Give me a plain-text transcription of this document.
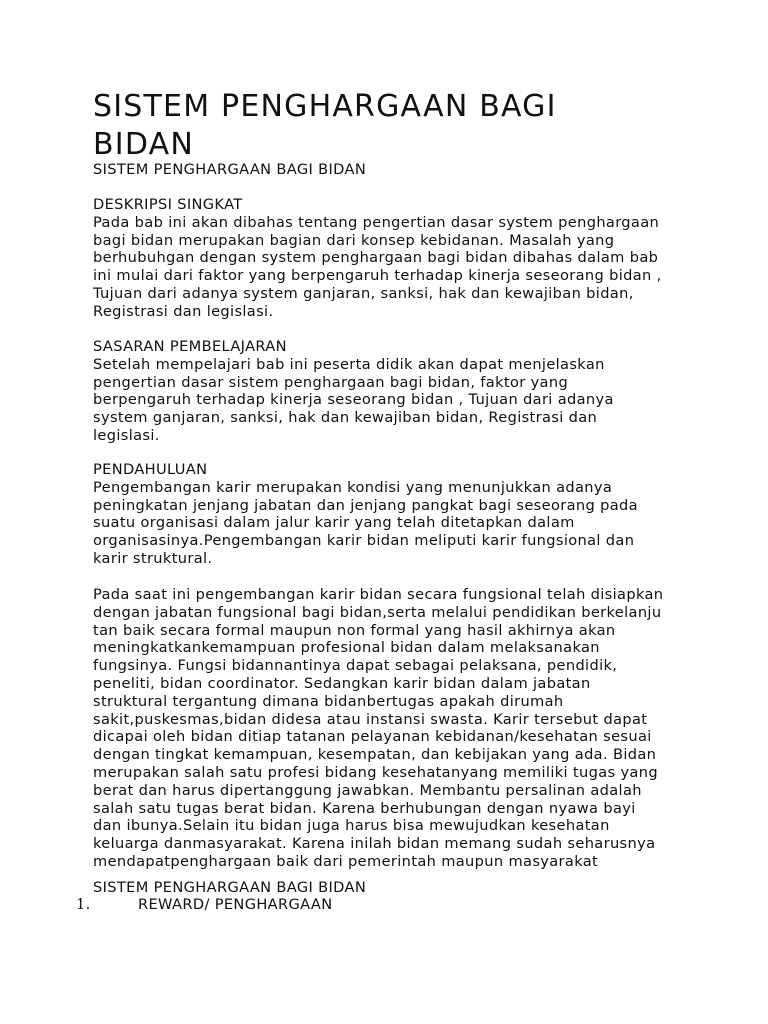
SISTEM PENGHARGAAN BAGI
BIDAN
SISTEM PENGHARGAAN BAGI BIDAN
DESKRIPSI SINGKAT
Pada bab ini akan dibahas tentang pengertian dasar system penghargaan
bagi bidan merupakan bagian dari konsep kebidanan. Masalah yang
berhubuhgan dengan system penghargaan bagi bidan dibahas dalam bab
ini mulai dari faktor yang berpengaruh terhadap kinerja seseorang bidan ,
Tujuan dari adanya system ganjaran, sanksi, hak dan kewajiban bidan,
Registrasi dan legislasi.
SASARAN PEMBELAJARAN
Setelah mempelajari bab ini peserta didik akan dapat menjelaskan
pengertian dasar sistem penghargaan bagi bidan, faktor yang
berpengaruh terhadap kinerja seseorang bidan , Tujuan dari adanya
system ganjaran, sanksi, hak dan kewajiban bidan, Registrasi dan
legislasi.
PENDAHULUAN
Pengembangan karir merupakan kondisi yang menunjukkan adanya
peningkatan jenjang jabatan dan jenjang pangkat bagi seseorang pada
suatu organisasi dalam jalur karir yang telah ditetapkan dalam
organisasinya.Pengembangan karir bidan meliputi karir fungsional dan
karir struktural.
Pada saat ini pengembangan karir bidan secara fungsional telah disiapkan
dengan jabatan fungsional bagi bidan,serta melalui pendidikan berkelanju
tan baik secara formal maupun non formal yang hasil akhirnya akan
meningkatkankemampuan profesional bidan dalam melaksanakan
fungsinya. Fungsi bidannantinya dapat sebagai pelaksana, pendidik,
peneliti, bidan coordinator. Sedangkan karir bidan dalam jabatan
struktural tergantung dimana bidanbertugas apakah dirumah
sakit,puskesmas,bidan didesa atau instansi swasta. Karir tersebut dapat
dicapai oleh bidan ditiap tatanan pelayanan kebidanan/kesehatan sesuai
dengan tingkat kemampuan, kesempatan, dan kebijakan yang ada. Bidan
merupakan salah satu profesi bidang kesehatanyang memiliki tugas yang
berat dan harus dipertanggung jawabkan. Membantu persalinan adalah
salah satu tugas berat bidan. Karena berhubungan dengan nyawa bayi
dan ibunya.Selain itu bidan juga harus bisa mewujudkan kesehatan
keluarga danmasyarakat. Karena inilah bidan memang sudah seharusnya
mendapatpenghargaan baik dari pemerintah maupun masyarakat
SISTEM PENGHARGAAN BAGI BIDAN
1.	REWARD/ PENGHARGAAN
